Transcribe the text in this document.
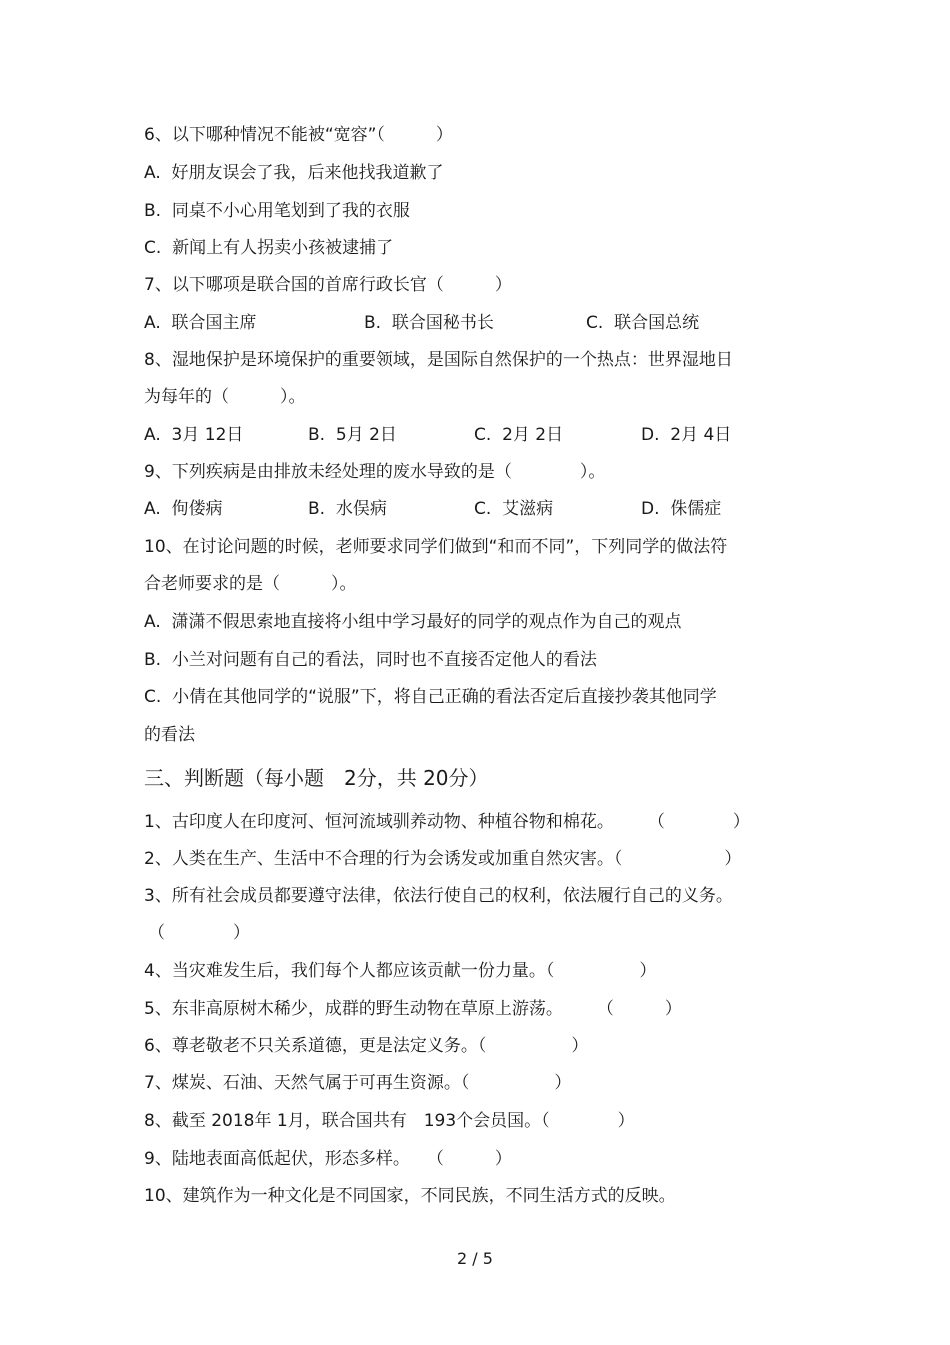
6、以下哪种情况不能被“宽容”（　　　）
A.  好朋友误会了我，后来他找我道歉了
B.  同桌不小心用笔划到了我的衣服
C.  新闻上有人拐卖小孩被逮捕了
7、以下哪项是联合国的首席行政长官（　　　）
A.  联合国主席	B.  联合国秘书长	C.  联合国总统
8、湿地保护是环境保护的重要领域，是国际自然保护的一个热点：世界湿地日
为每年的（　　　）。
A.  3月 12日	B.  5月 2日	C.  2月 2日	D.  2月 4日
9、下列疾病是由排放未经处理的废水导致的是（　　　　）。
A.  佝偻病	B.  水俣病	C.  艾滋病	D.  侏儒症
10、在讨论问题的时候，老师要求同学们做到“和而不同”，下列同学的做法符
合老师要求的是（　　　）。
A.  潇潇不假思索地直接将小组中学习最好的同学的观点作为自己的观点
B.  小兰对问题有自己的看法，同时也不直接否定他人的看法
C.  小倩在其他同学的“说服”下，将自己正确的看法否定后直接抄袭其他同学
的看法
三、判断题（每小题　2分，共 20分）
1、古印度人在印度河、恒河流域驯养动物、种植谷物和棉花。　　　（　　　　）
2、人类在生产、生活中不合理的行为会诱发或加重自然灾害。（　　　　　　）
3、所有社会成员都要遵守法律，依法行使自己的权利，依法履行自己的义务。
（　　　　）
4、当灾难发生后，我们每个人都应该贡献一份力量。（　　　　　）
5、东非高原树木稀少，成群的野生动物在草原上游荡。　　　（　　　）
6、尊老敬老不只关系道德，更是法定义务。（　　　　　）
7、煤炭、石油、天然气属于可再生资源。（　　　　　）
8、截至 2018年 1月，联合国共有　193个会员国。（　　　　）
9、陆地表面高低起伏，形态多样。　　（　　　）
10、建筑作为一种文化是不同国家，不同民族，不同生活方式的反映。
2 / 5
